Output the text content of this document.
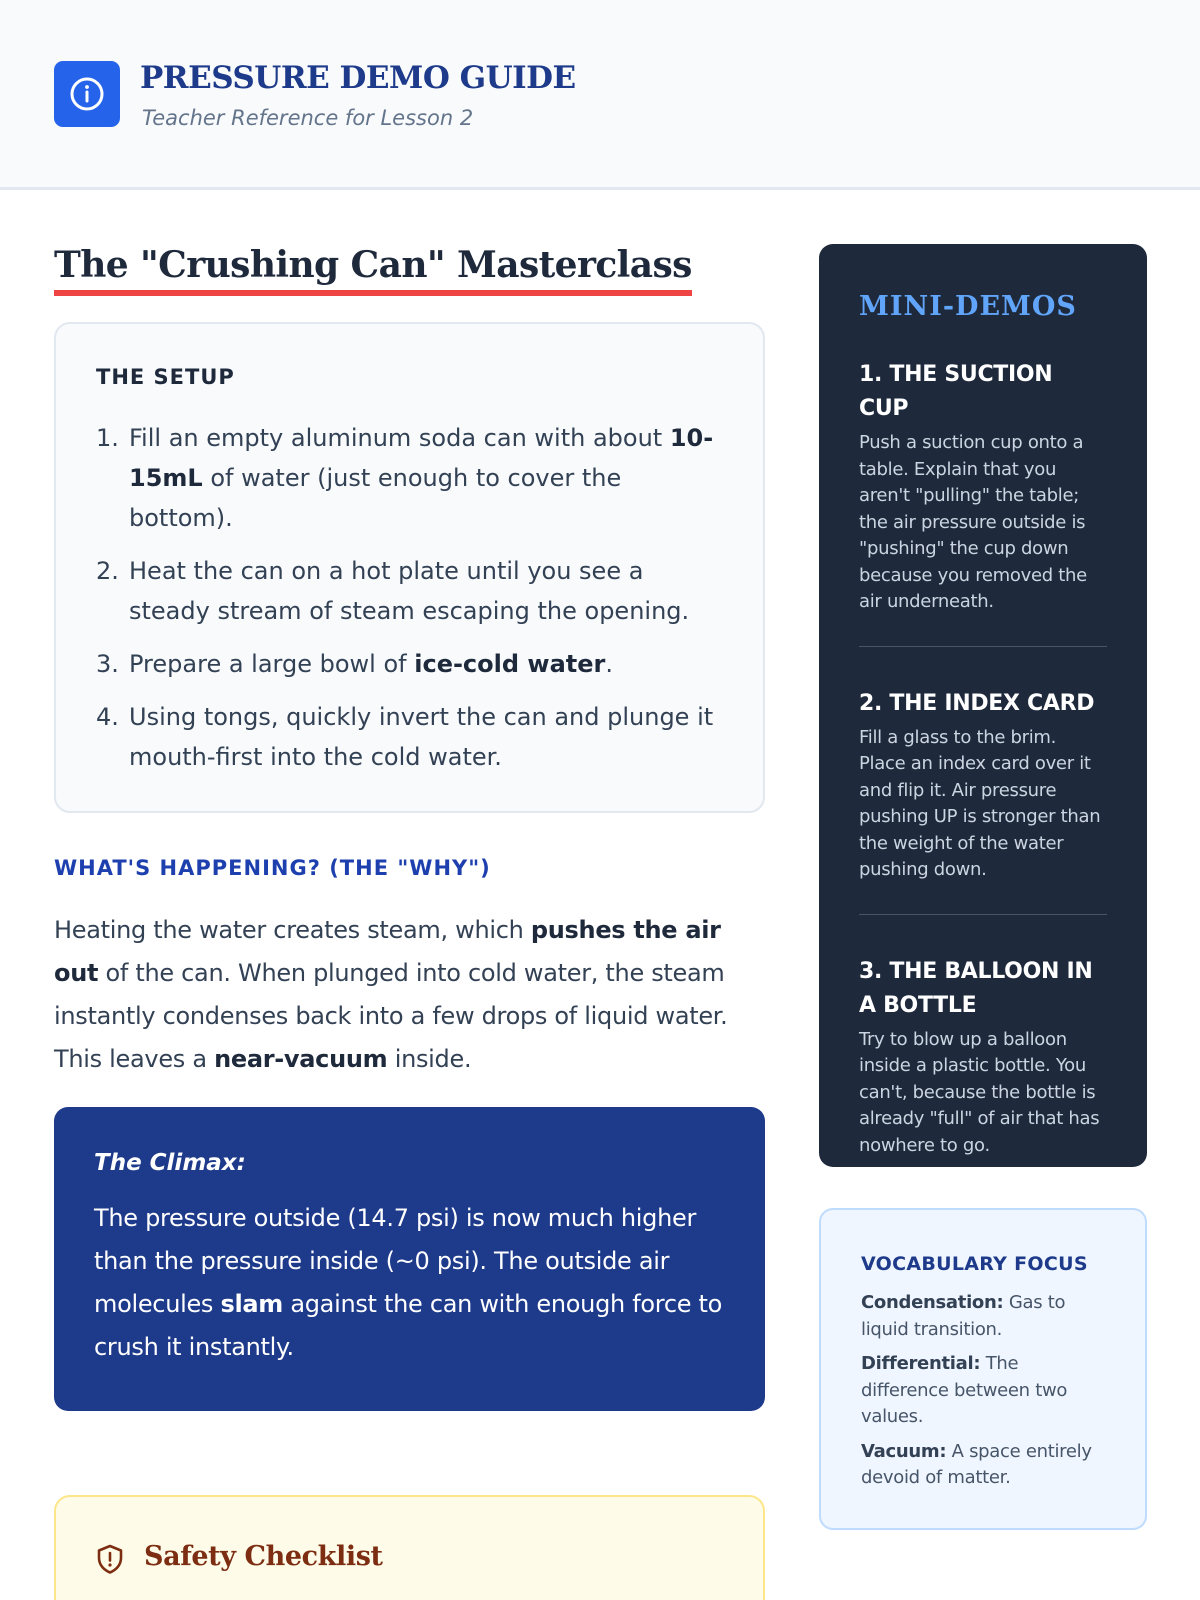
PRESSURE DEMO GUIDE
Teacher Reference for Lesson 2
The "Crushing Can" Masterclass
THE SETUP
1. Fill an empty aluminum soda can with about 10-15mL of water (just enough to cover the bottom).
2. Heat the can on a hot plate until you see a steady stream of steam escaping the opening.
3. Prepare a large bowl of ice-cold water.
4. Using tongs, quickly invert the can and plunge it mouth-first into the cold water.
WHAT'S HAPPENING? (THE "WHY")

Heating the water creates steam, which pushes the air out of the can. When plunged into cold water, the steam instantly condenses back into a few drops of liquid water. This leaves a near-vacuum inside.

The Climax:

The pressure outside (14.7 psi) is now much higher than the pressure inside (~0 psi). The outside air molecules slam against the can with enough force to crush it instantly.

Safety Checklist
MINI-DEMOS
1. THE SUCTION CUP
Push a suction cup onto a table. Explain that you aren't "pulling" the table; the air pressure outside is "pushing" the cup down because you removed the air underneath.
2. THE INDEX CARD
Fill a glass to the brim. Place an index card over it and flip it. Air pressure pushing UP is stronger than the weight of the water pushing down.
3. THE BALLOON IN A BOTTLE
Try to blow up a balloon inside a plastic bottle. You can't, because the bottle is already "full" of air that has nowhere to go.
VOCABULARY FOCUS

Condensation: Gas to liquid transition.

Differential: The difference between two values.

Vacuum: A space entirely devoid of matter.
